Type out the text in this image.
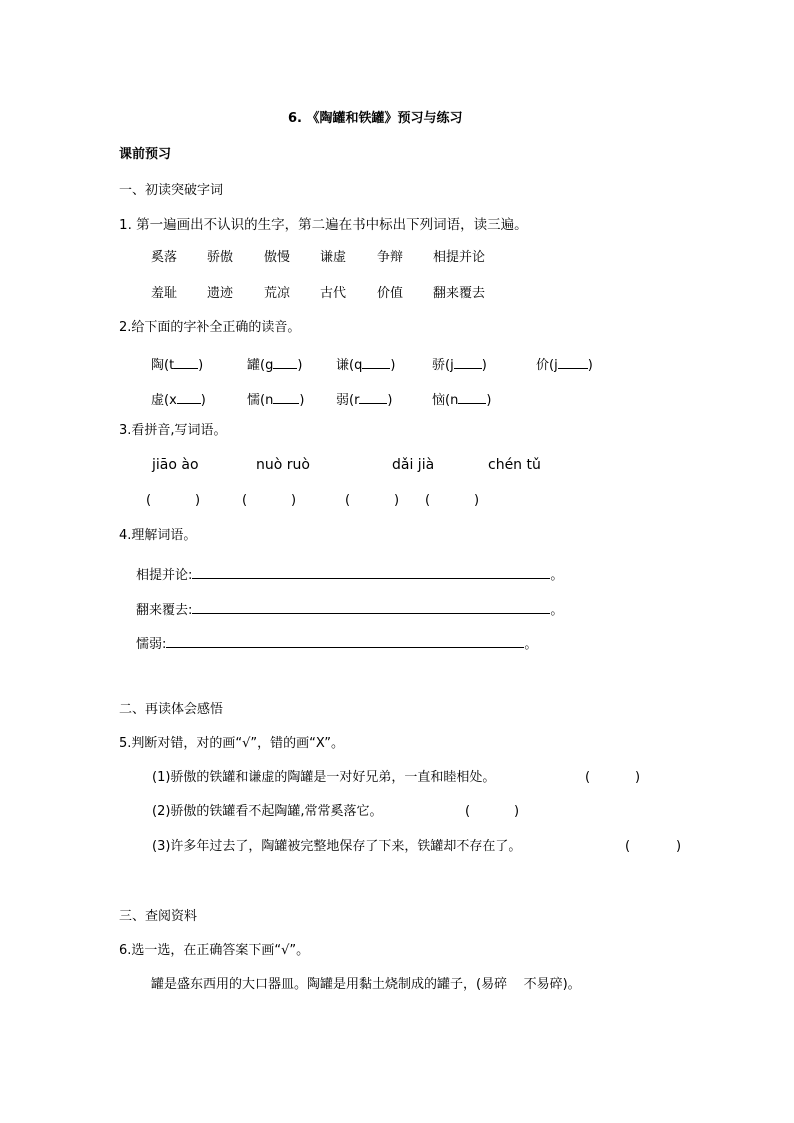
6. 《陶罐和铁罐》预习与练习
课前预习
一、初读突破字词
1. 第一遍画出不认识的生字，第二遍在书中标出下列词语，读三遍。
奚落 骄傲 傲慢 谦虚 争辩 相提并论
羞耻 遗迹 荒凉 古代 价值 翻来覆去
2.给下面的字补全正确的读音。
陶(t )	罐(g )	谦(q )	骄(j )	价(j )
虚(x )	懦(n ) 弱(r )	恼(n )
3.看拼音,写词语。
jiāo ào	nuò ruò	dǎi jià	chén tǔ
(	)	(	)	(	) (	)
4.理解词语。
相提并论:	。
翻来覆去:	。
懦弱:	。
二、再读体会感悟
5.判断对错，对的画“√”，错的画“X”。
(1)骄傲的铁罐和谦虚的陶罐是一对好兄弟，一直和睦相处。	(	)
(2)骄傲的铁罐看不起陶罐,常常奚落它。	(	)
(3)许多年过去了，陶罐被完整地保存了下来，铁罐却不存在了。	(	)
三、查阅资料
6.选一选，在正确答案下画“√”。
罐是盛东西用的大口器皿。陶罐是用黏土烧制成的罐子，(易碎    不易碎)。
